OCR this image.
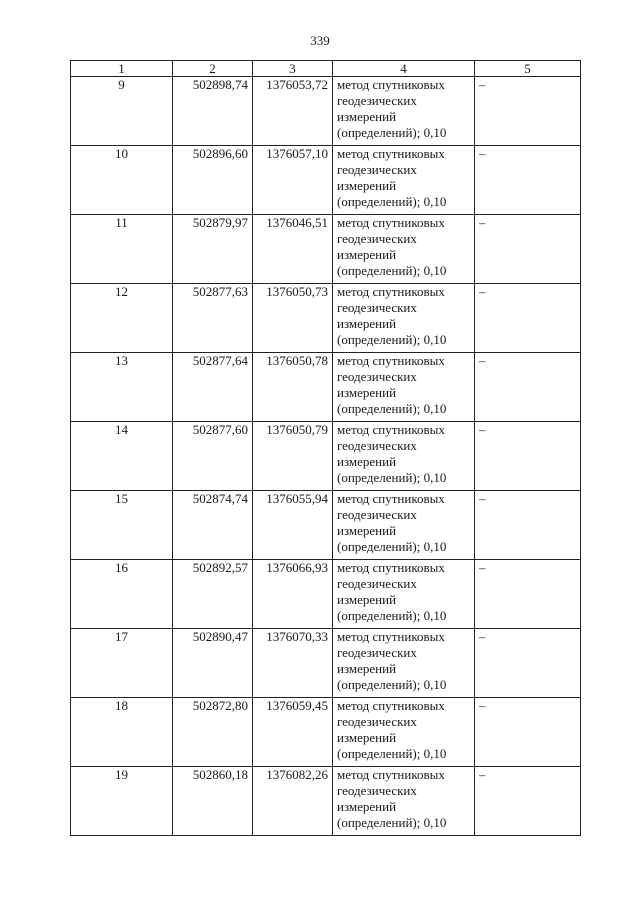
339
1	2	3	4	5
9	502898,74	1376053,72	метод спутниковых
геодезических
измерений
(определений); 0,10	–
10	502896,60	1376057,10	метод спутниковых
геодезических
измерений
(определений); 0,10	–
11	502879,97	1376046,51	метод спутниковых
геодезических
измерений
(определений); 0,10	–
12	502877,63	1376050,73	метод спутниковых
геодезических
измерений
(определений); 0,10	–
13	502877,64	1376050,78	метод спутниковых
геодезических
измерений
(определений); 0,10	–
14	502877,60	1376050,79	метод спутниковых
геодезических
измерений
(определений); 0,10	–
15	502874,74	1376055,94	метод спутниковых
геодезических
измерений
(определений); 0,10	–
16	502892,57	1376066,93	метод спутниковых
геодезических
измерений
(определений); 0,10	–
17	502890,47	1376070,33	метод спутниковых
геодезических
измерений
(определений); 0,10	–
18	502872,80	1376059,45	метод спутниковых
геодезических
измерений
(определений); 0,10	–
19	502860,18	1376082,26	метод спутниковых
геодезических
измерений
(определений); 0,10	–
